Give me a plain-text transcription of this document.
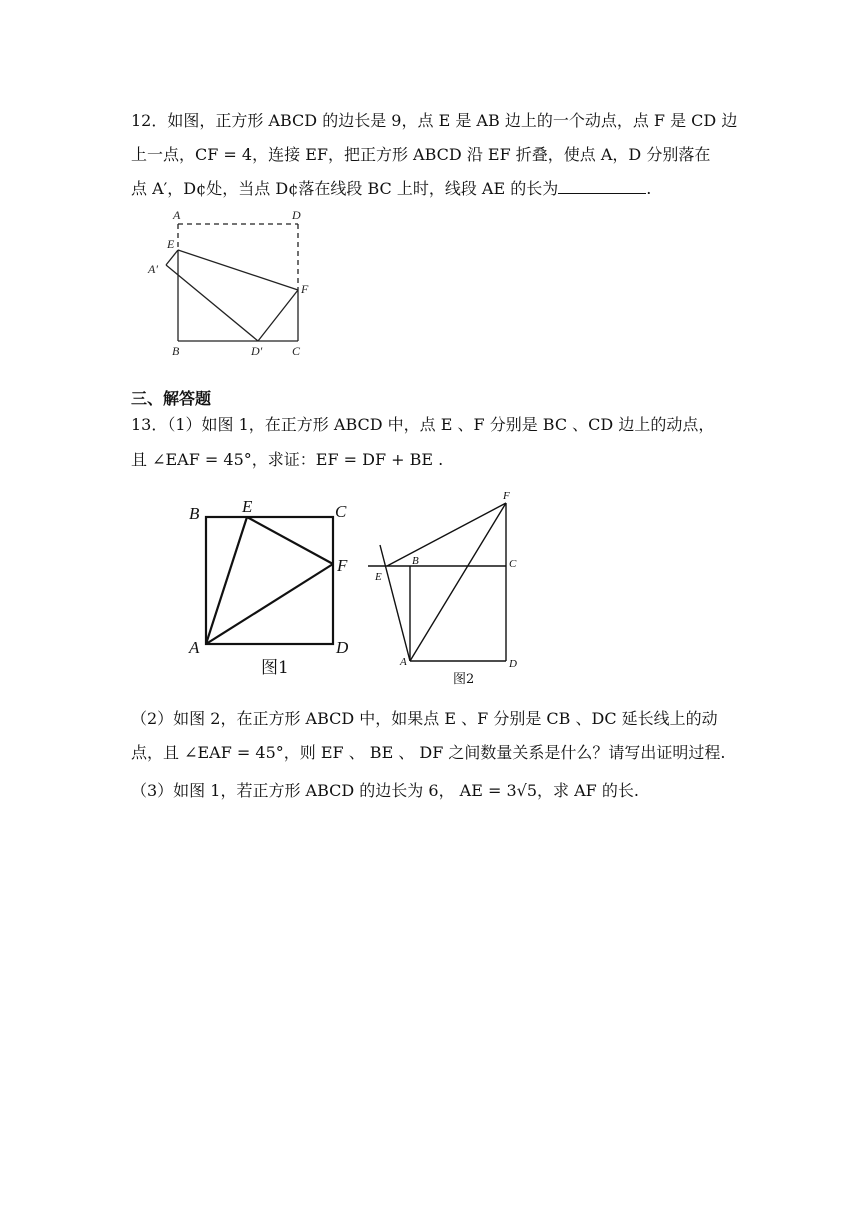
12．如图，正方形 ABCD 的边长是 9，点 E 是 AB 边上的一个动点，点 F 是 CD 边

上一点，CF = 4，连接 EF，把正方形 ABCD 沿 EF 折叠，使点 A，D 分别落在

点 A′，D¢处，当点 D¢落在线段 BC 上时，线段 AE 的长为	.

A	D
E
A′
F
B	D′ C

三、解答题

13．（1）如图 1，在正方形 ABCD 中，点 E 、F 分别是 BC 、CD 边上的动点，

且 ∠EAF = 45°，求证：EF = DF + BE .

B	E	C
F
A	D
图1
F
B	C
E
A	D
图2

（2）如图 2，在正方形 ABCD 中，如果点 E 、F 分别是 CB 、DC 延长线上的动

点，且 ∠EAF = 45°，则 EF 、 BE 、 DF 之间数量关系是什么？请写出证明过程.

（3）如图 1，若正方形 ABCD 的边长为 6， AE = 3√5，求 AF 的长.
